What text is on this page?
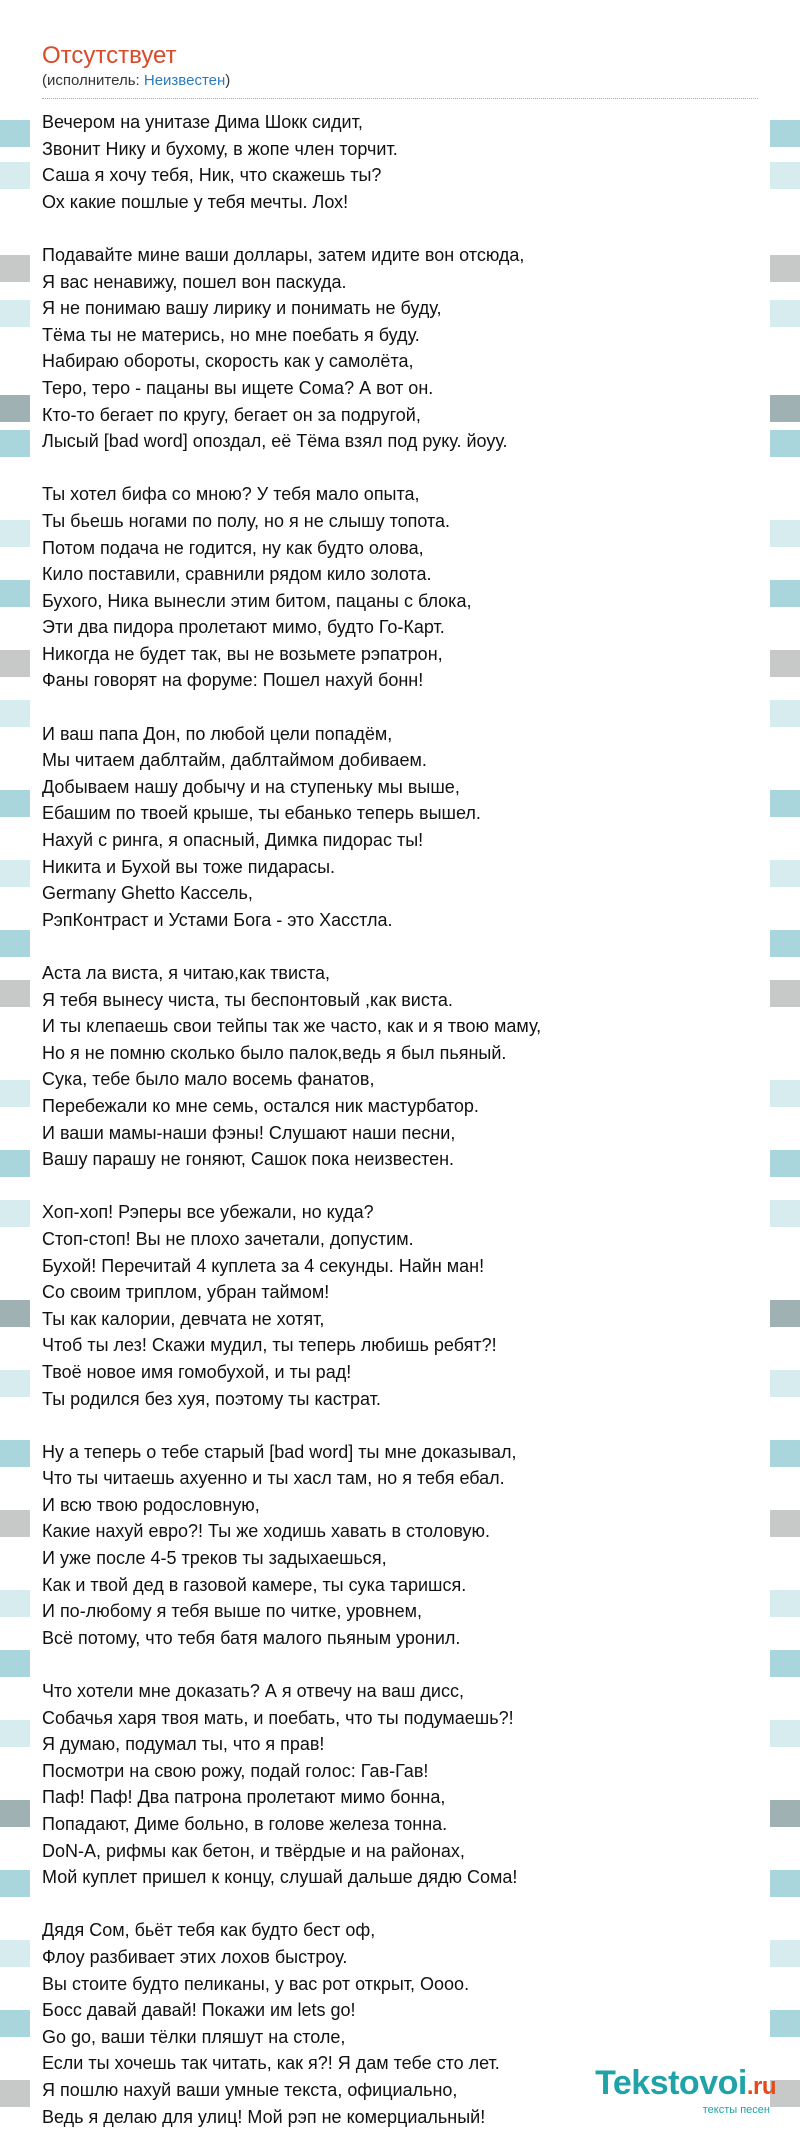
Отсутствует
(исполнитель: Неизвестен)
Вечером на унитазе Дима Шокк сидит,
Звонит Нику и бухому, в жопе член торчит.
Саша я хочу тебя, Ник, что скажешь ты?
Ох какие пошлые у тебя мечты. Лох!
Подавайте мине ваши доллары, затем идите вон отсюда,
Я вас ненавижу, пошел вон паскуда.
Я не понимаю вашу лирику и понимать не буду,
Тёма ты не матерись, но мне поебать я буду.
Набираю обороты, скорость как у самолёта,
Теро, теро - пацаны вы ищете Сома? А вот он.
Кто-то бегает по кругу, бегает он за подругой,
Лысый [bad word] опоздал, её Тёма взял под руку. йоуу.
Ты хотел бифа со мною? У тебя мало опыта,
Ты бьешь ногами по полу, но я не слышу топота.
Потом подача не годится, ну как будто олова,
Кило поставили, сравнили рядом кило золота.
Бухого, Ника вынесли этим битом, пацаны с блока,
Эти два пидора пролетают мимо, будто Го-Карт.
Никогда не будет так, вы не возьмете рэпатрон,
Фаны говорят на форуме: Пошел нахуй бонн!
И ваш папа Дон, по любой цели попадём,
Мы читаем даблтайм, даблтаймом добиваем.
Добываем нашу добычу и на ступеньку мы выше,
Ебашим по твоей крыше, ты ебанько теперь вышел.
Нахуй с ринга, я опасный, Димка пидорас ты!
Никита и Бухой вы тоже пидарасы.
Germany Ghetto Кассель,
РэпКонтраст и Устами Бога - это Хасстла.
Аста ла виста, я читаю,как твиста,
Я тебя вынесу чиста, ты беспонтовый ,как виста.
И ты клепаешь свои тейпы так же часто, как и я твою маму,
Но я не помню сколько было палок,ведь я был пьяный.
Сука, тебе было мало восемь фанатов,
Перебежали ко мне семь, остался ник мастурбатор.
И ваши мамы-наши фэны! Слушают наши песни,
Вашу парашу не гоняют, Сашок пока неизвестен.
Хоп-хоп! Рэперы все убежали, но куда?
Стоп-стоп! Вы не плохо зачетали, допустим.
Бухой! Перечитай 4 куплета за 4 секунды. Найн ман!
Со своим триплом, убран таймом!
Ты как калории, девчата не хотят,
Чтоб ты лез! Скажи мудил, ты теперь любишь ребят?!
Твоё новое имя гомобухой, и ты рад!
Ты родился без хуя, поэтому ты кастрат.
Ну а теперь о тебе старый [bad word] ты мне доказывал,
Что ты читаешь ахуенно и ты хасл там, но я тебя ебал.
И всю твою родословную,
Какие нахуй евро?! Ты же ходишь хавать в столовую.
И уже после 4-5 треков ты задыхаешься,
Как и твой дед в газовой камере, ты сука таришся.
И по-любому я тебя выше по читке, уровнем,
Всё потому, что тебя батя малого пьяным уронил.
Что хотели мне доказать? А я отвечу на ваш дисс,
Собачья харя твоя мать, и поебать, что ты подумаешь?!
Я думаю, подумал ты, что я прав!
Посмотри на свою рожу, подай голос: Гав-Гав!
Паф! Паф! Два патрона пролетают мимо бонна,
Попадают, Диме больно, в голове железа тонна.
DoN-A, рифмы как бетон, и твёрдые и на районах,
Мой куплет пришел к концу, слушай дальше дядю Сома!
Дядя Сом, бьёт тебя как будто бест оф,
Флоу разбивает этих лохов быстроу.
Вы стоите будто пеликаны, у вас рот открыт, Оооо.
Босс давай давай! Покажи им lets go!
Go go, ваши тёлки пляшут на столе,
Если ты хочешь так читать, как я?! Я дам тебе сто лет.
Я пошлю нахуй ваши умные текста, официально,
Ведь я делаю для улиц! Мой рэп не комерциальный!
Tekstovoi.ru
тексты песен
